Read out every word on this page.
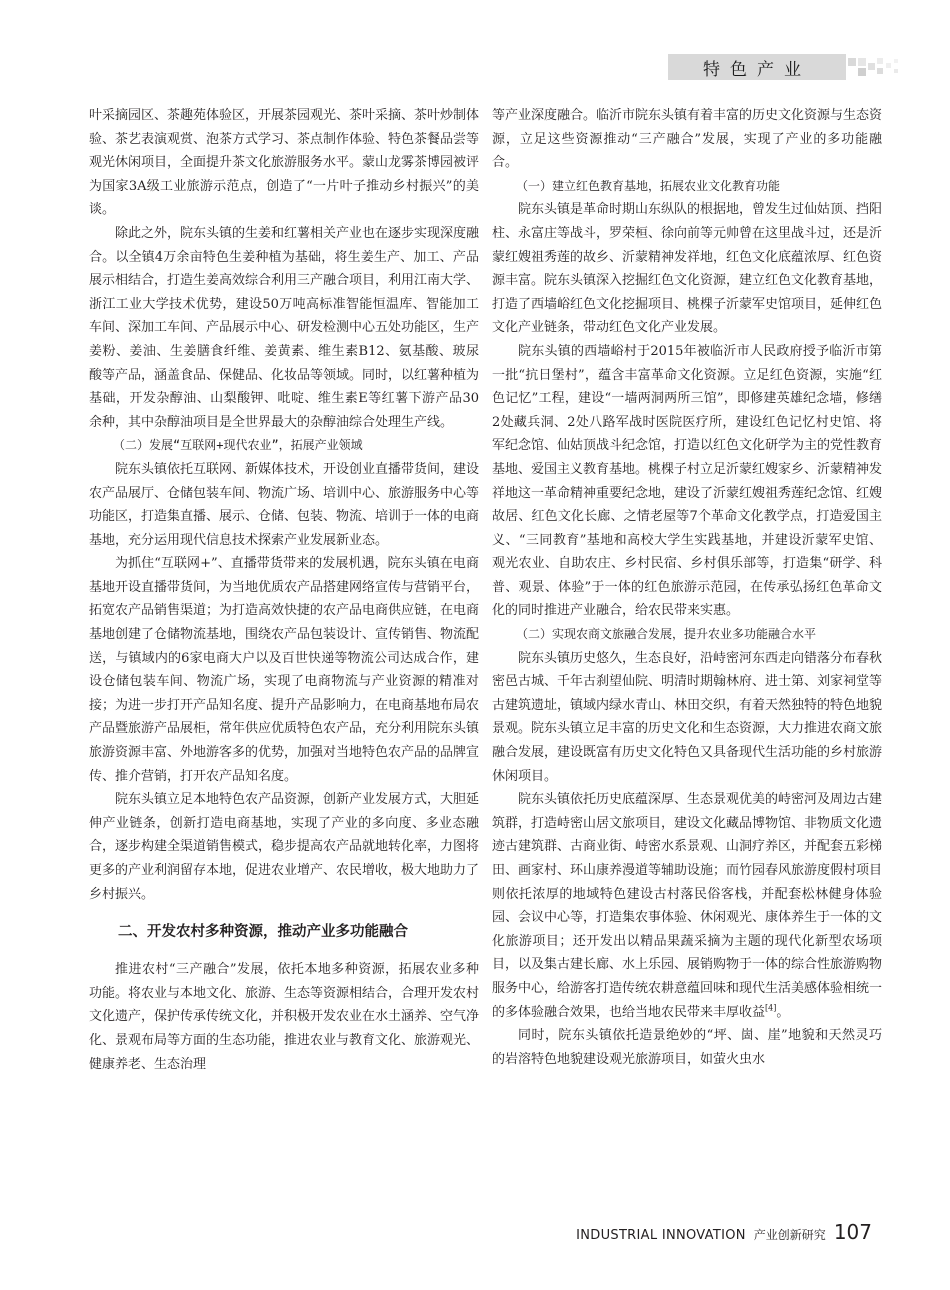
特色产业

叶采摘园区、茶趣苑体验区，开展茶园观光、茶叶采摘、茶叶炒制体验、茶艺表演观赏、泡茶方式学习、茶点制作体验、特色茶餐品尝等观光休闲项目，全面提升茶文化旅游服务水平。蒙山龙雾茶博园被评为国家3A级工业旅游示范点，创造了“一片叶子推动乡村振兴”的美谈。

除此之外，院东头镇的生姜和红薯相关产业也在逐步实现深度融合。以全镇4万余亩特色生姜种植为基础，将生姜生产、加工、产品展示相结合，打造生姜高效综合利用三产融合项目，利用江南大学、浙江工业大学技术优势，建设50万吨高标准智能恒温库、智能加工车间、深加工车间、产品展示中心、研发检测中心五处功能区，生产姜粉、姜油、生姜膳食纤维、姜黄素、维生素B12、氨基酸、玻尿酸等产品，涵盖食品、保健品、化妆品等领域。同时，以红薯种植为基础，开发杂醇油、山梨酸钾、吡啶、维生素E等红薯下游产品30余种，其中杂醇油项目是全世界最大的杂醇油综合处理生产线。

（二）发展“互联网+现代农业”，拓展产业领域

院东头镇依托互联网、新媒体技术，开设创业直播带货间，建设农产品展厅、仓储包装车间、物流广场、培训中心、旅游服务中心等功能区，打造集直播、展示、仓储、包装、物流、培训于一体的电商基地，充分运用现代信息技术探索产业发展新业态。

为抓住“互联网+”、直播带货带来的发展机遇，院东头镇在电商基地开设直播带货间，为当地优质农产品搭建网络宣传与营销平台，拓宽农产品销售渠道；为打造高效快捷的农产品电商供应链，在电商基地创建了仓储物流基地，围绕农产品包装设计、宣传销售、物流配送，与镇域内的6家电商大户以及百世快递等物流公司达成合作，建设仓储包装车间、物流广场，实现了电商物流与产业资源的精准对接；为进一步打开产品知名度、提升产品影响力，在电商基地布局农产品暨旅游产品展柜，常年供应优质特色农产品，充分利用院东头镇旅游资源丰富、外地游客多的优势，加强对当地特色农产品的品牌宣传、推介营销，打开农产品知名度。

院东头镇立足本地特色农产品资源，创新产业发展方式，大胆延伸产业链条，创新打造电商基地，实现了产业的多向度、多业态融合，逐步构建全渠道销售模式，稳步提高农产品就地转化率，力图将更多的产业利润留存本地，促进农业增产、农民增收，极大地助力了乡村振兴。

二、开发农村多种资源，推动产业多功能融合

推进农村“三产融合”发展，依托本地多种资源，拓展农业多种功能。将农业与本地文化、旅游、生态等资源相结合，合理开发农村文化遗产，保护传承传统文化，并积极开发农业在水土涵养、空气净化、景观布局等方面的生态功能，推进农业与教育文化、旅游观光、健康养老、生态治理

等产业深度融合。临沂市院东头镇有着丰富的历史文化资源与生态资源，立足这些资源推动“三产融合”发展，实现了产业的多功能融合。

（一）建立红色教育基地，拓展农业文化教育功能

院东头镇是革命时期山东纵队的根据地，曾发生过仙姑顶、挡阳柱、永富庄等战斗，罗荣桓、徐向前等元帅曾在这里战斗过，还是沂蒙红嫂祖秀莲的故乡、沂蒙精神发祥地，红色文化底蕴浓厚、红色资源丰富。院东头镇深入挖掘红色文化资源，建立红色文化教育基地，打造了西墙峪红色文化挖掘项目、桃棵子沂蒙军史馆项目，延伸红色文化产业链条，带动红色文化产业发展。

院东头镇的西墙峪村于2015年被临沂市人民政府授予临沂市第一批“抗日堡村”，蕴含丰富革命文化资源。立足红色资源，实施“红色记忆”工程，建设“一墙两洞两所三馆”，即修建英雄纪念墙，修缮2处藏兵洞、2处八路军战时医院医疗所，建设红色记忆村史馆、将军纪念馆、仙姑顶战斗纪念馆，打造以红色文化研学为主的党性教育基地、爱国主义教育基地。桃棵子村立足沂蒙红嫂家乡、沂蒙精神发祥地这一革命精神重要纪念地，建设了沂蒙红嫂祖秀莲纪念馆、红嫂故居、红色文化长廊、之情老屋等7个革命文化教学点，打造爱国主义、“三同教育”基地和高校大学生实践基地，并建设沂蒙军史馆、观光农业、自助农庄、乡村民宿、乡村俱乐部等，打造集“研学、科普、观景、体验”于一体的红色旅游示范园，在传承弘扬红色革命文化的同时推进产业融合，给农民带来实惠。

（二）实现农商文旅融合发展，提升农业多功能融合水平

院东头镇历史悠久，生态良好，沿峙密河东西走向错落分布春秋密邑古城、千年古刹望仙院、明清时期翰林府、进士第、刘家祠堂等古建筑遗址，镇域内绿水青山、林田交织，有着天然独特的特色地貌景观。院东头镇立足丰富的历史文化和生态资源，大力推进农商文旅融合发展，建设既富有历史文化特色又具备现代生活功能的乡村旅游休闲项目。

院东头镇依托历史底蕴深厚、生态景观优美的峙密河及周边古建筑群，打造峙密山居文旅项目，建设文化藏品博物馆、非物质文化遗迹古建筑群、古商业街、峙密水系景观、山洞疗养区，并配套五彩梯田、画家村、环山康养漫道等辅助设施；而竹园春风旅游度假村项目则依托浓厚的地域特色建设古村落民俗客栈，并配套松林健身体验园、会议中心等，打造集农事体验、休闲观光、康体养生于一体的文化旅游项目；还开发出以精品果蔬采摘为主题的现代化新型农场项目，以及集古建长廊、水上乐园、展销购物于一体的综合性旅游购物服务中心，给游客打造传统农耕意蕴回味和现代生活美感体验相统一的多体验融合效果，也给当地农民带来丰厚收益[4]。

同时，院东头镇依托造景绝妙的“坪、崮、崖”地貌和天然灵巧的岩溶特色地貌建设观光旅游项目，如萤火虫水

INDUSTRIAL INNOVATION 产业创新研究 107
